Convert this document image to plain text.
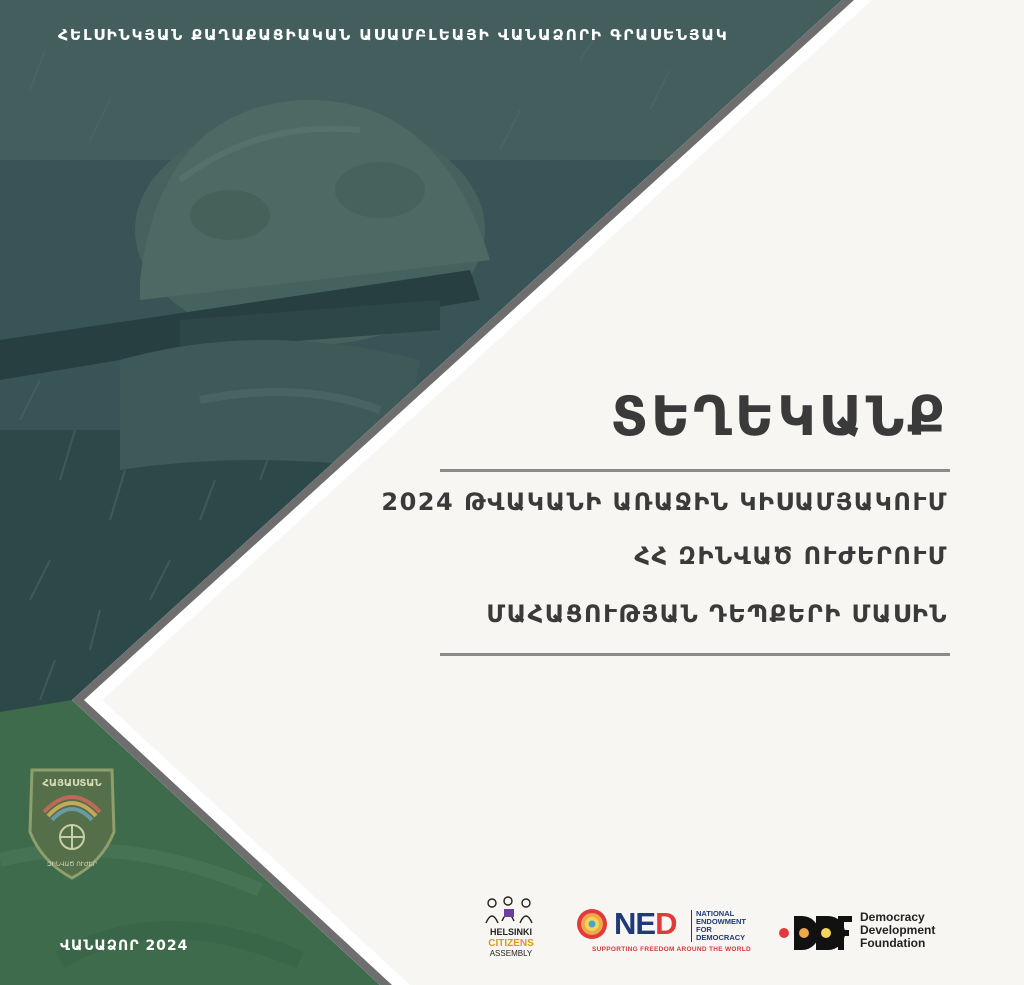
ՀԵԼՍԻՆԿՅԱՆ ՔԱՂԱՔԱՑԻԱԿԱՆ ԱՍԱՄԲԼԵԱՅԻ ՎԱՆԱՁՈՐԻ ԳՐԱՍԵՆՅԱԿ
ՏԵՂԵԿԱՆՔ
2024 ԹՎԱԿԱՆԻ ԱՌԱՋԻՆ ԿԻՍԱՄՅԱԿՈՒՄ
ՀՀ ԶԻՆՎԱԾ ՈՒԺԵՐՈՒՄ
ՄԱՀԱՑՈՒԹՅԱՆ ԴԵՊՔԵՐԻ ՄԱՍԻՆ
ՀԱՅԱՍՏԱՆ
ԶԻՆՎԱԾ ՈՒԺԵՐ
ՎԱՆԱՁՈՐ 2024
HELSINKI
CITIZENS
ASSEMBLY
NED	NATIONAL
ENDOWMENT
FOR
DEMOCRACY
SUPPORTING FREEDOM AROUND THE WORLD
Democracy
Development
Foundation
